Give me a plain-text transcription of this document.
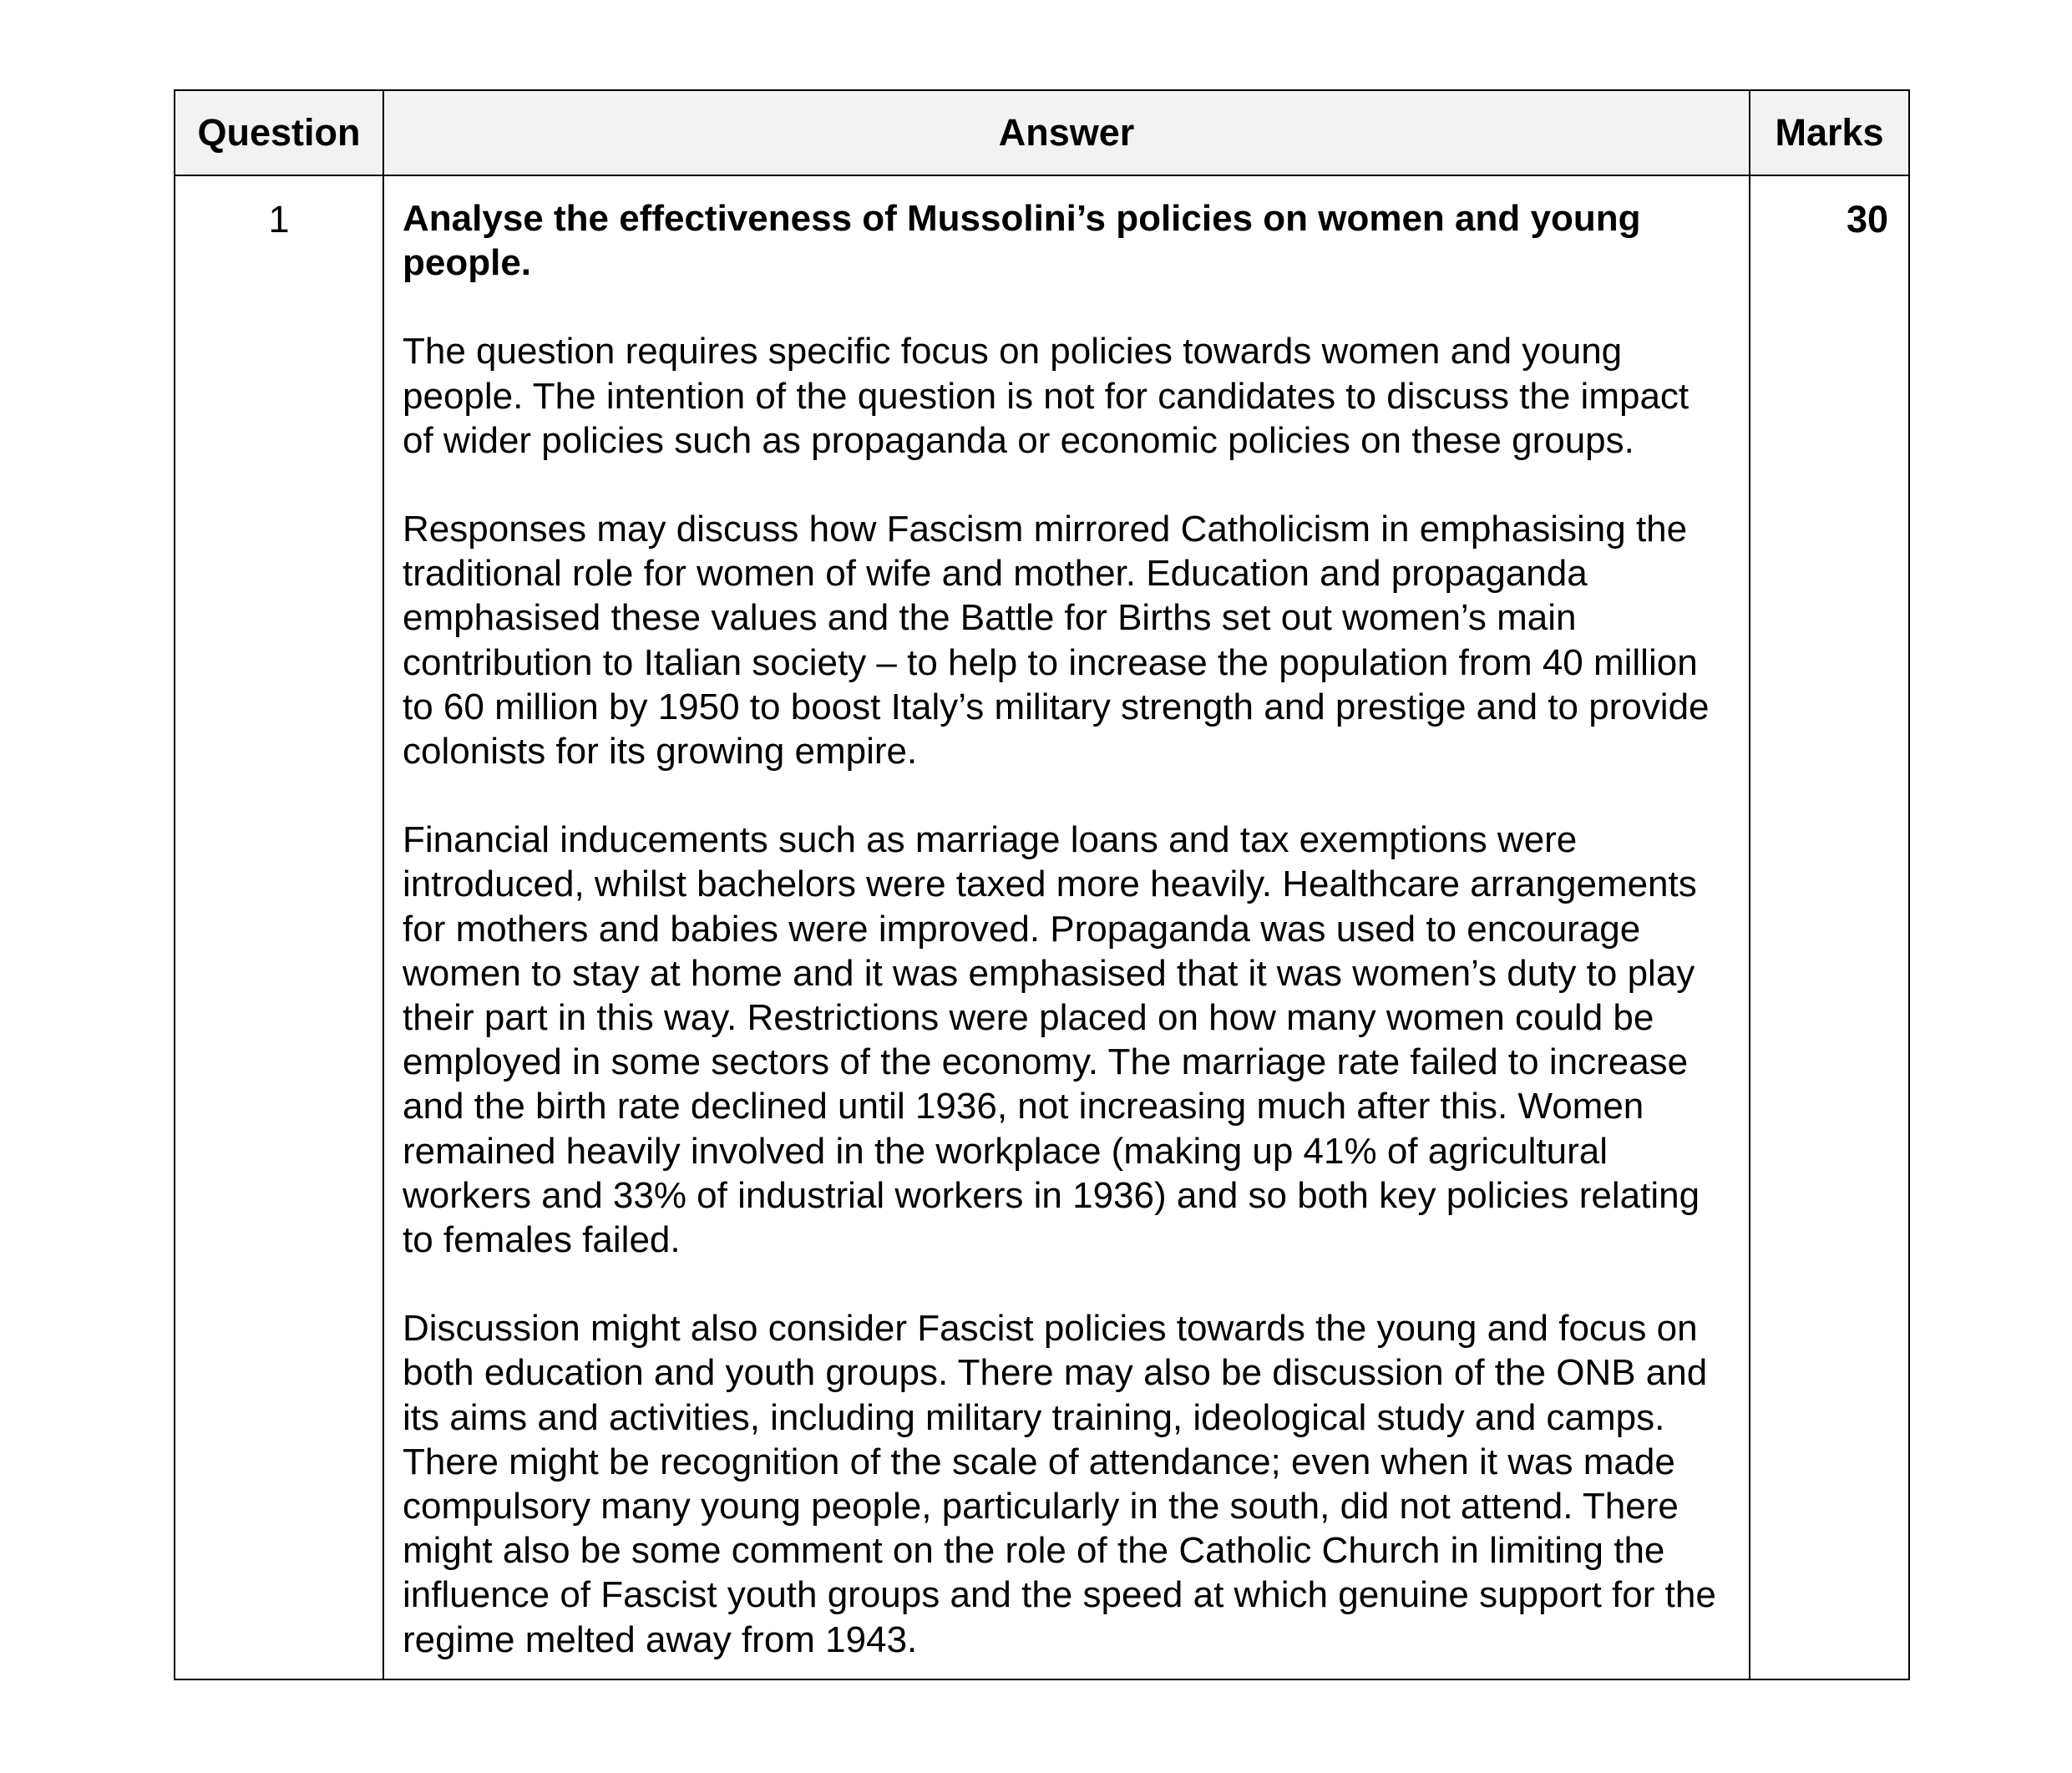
Question	Answer	Marks
1	Analyse the effectiveness of Mussolini’s policies on women and young people.

The question requires specific focus on policies towards women and young people. The intention of the question is not for candidates to discuss the impact of wider policies such as propaganda or economic policies on these groups.

Responses may discuss how Fascism mirrored Catholicism in emphasising the traditional role for women of wife and mother. Education and propaganda emphasised these values and the Battle for Births set out women’s main contribution to Italian society – to help to increase the population from 40 million to 60 million by 1950 to boost Italy’s military strength and prestige and to provide colonists for its growing empire.

Financial inducements such as marriage loans and tax exemptions were introduced, whilst bachelors were taxed more heavily. Healthcare arrangements for mothers and babies were improved. Propaganda was used to encourage women to stay at home and it was emphasised that it was women’s duty to play their part in this way. Restrictions were placed on how many women could be employed in some sectors of the economy. The marriage rate failed to increase and the birth rate declined until 1936, not increasing much after this. Women remained heavily involved in the workplace (making up 41% of agricultural workers and 33% of industrial workers in 1936) and so both key policies relating to females failed.

Discussion might also consider Fascist policies towards the young and focus on both education and youth groups. There may also be discussion of the ONB and its aims and activities, including military training, ideological study and camps. There might be recognition of the scale of attendance; even when it was made compulsory many young people, particularly in the south, did not attend. There might also be some comment on the role of the Catholic Church in limiting the influence of Fascist youth groups and the speed at which genuine support for the regime melted away from 1943.	30
